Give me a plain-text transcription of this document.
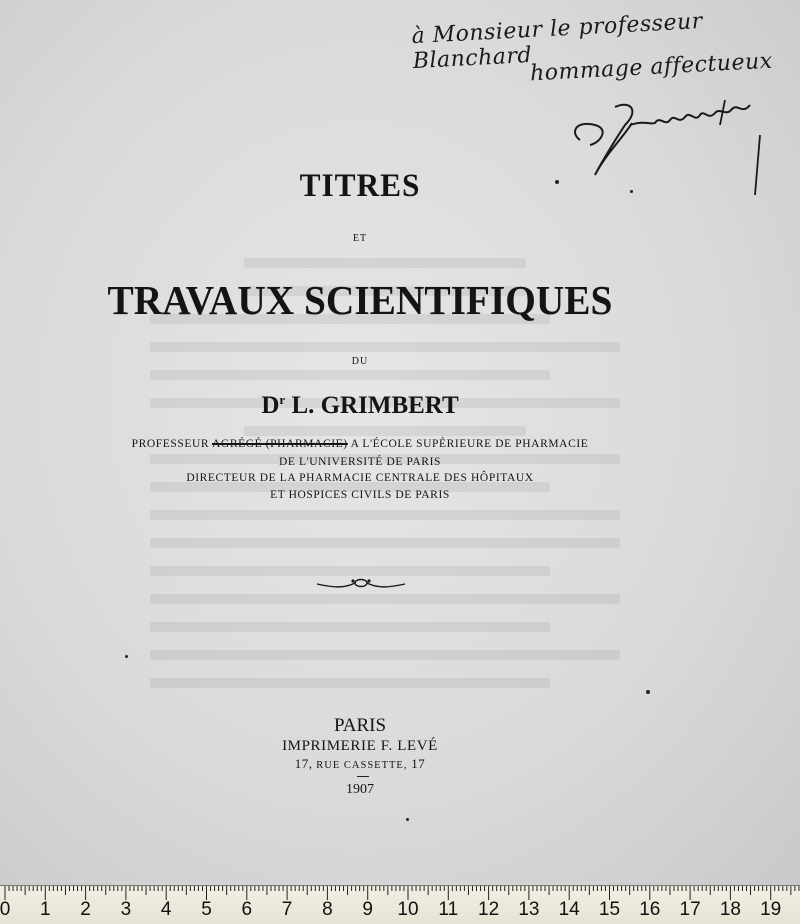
à Monsieur le professeur Blanchard
hommage affectueux
TITRES
ET
TRAVAUX SCIENTIFIQUES
DU
$D^r$ L. GRIMBERT
PROFESSEUR AGRÉGÉ (PHARMACIE) A L'ÉCOLE SUPÉRIEURE DE PHARMACIE
DE L'UNIVERSITÉ DE PARIS
DIRECTEUR DE LA PHARMACIE CENTRALE DES HÔPITAUX
ET HOSPICES CIVILS DE PARIS
PARIS
IMPRIMERIE F. LEVÉ
17, RUE CASSETTE, 17
1907
0 1 2 3 4 5 6 7 8 9 10 11 12 13 14 15 16 17 18 19
